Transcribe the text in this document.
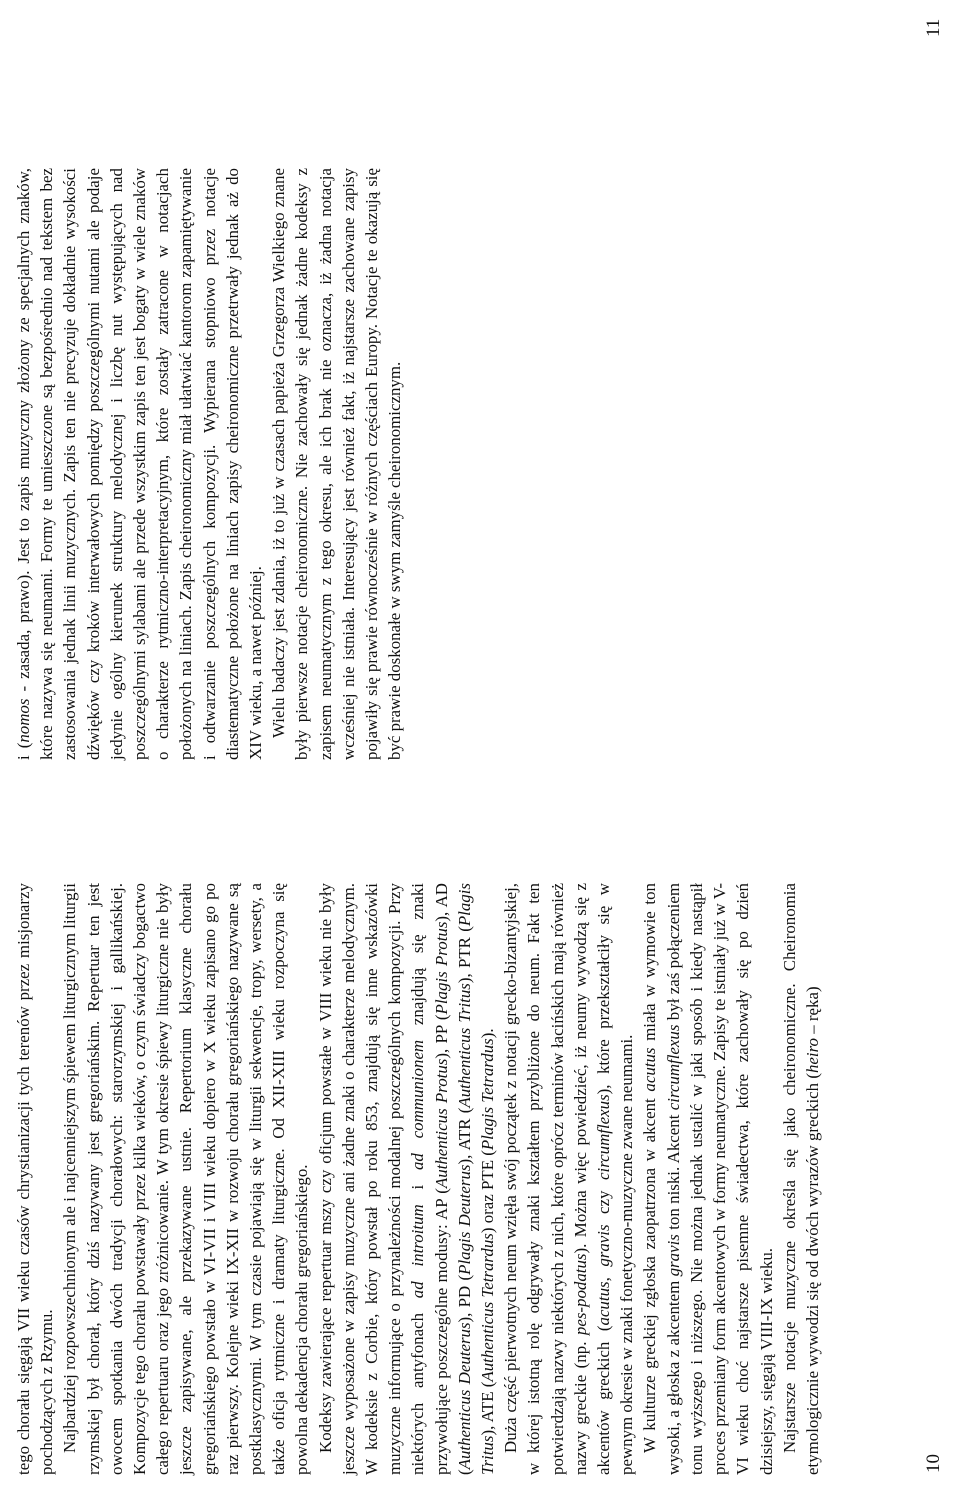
tego chorału sięgają VII wieku czasów chrystianizacji tych terenów przez misjonarzy pochodzących z Rzymu. Najbardziej rozpowszechnionym ale i najcenniejszym śpiewem liturgicznym liturgii rzymskiej był chorał, który dziś nazywany jest gregoriańskim. Repertuar ten jest owocem spotkania dwóch tradycji chorałowych: starorzymskiej i gallikańskiej. Kompozycje tego chorału powstawały przez kilka wieków, o czym świadczy bogactwo całego repertuaru oraz jego zróżnicowanie. W tym okresie śpiewy liturgiczne nie były jeszcze zapisywane, ale przekazywane ustnie. Repertorium klasyczne chorału gregoriańskiego powstało w VI-VII i VIII wieku dopiero w X wieku zapisano go po raz pierwszy. Kolejne wieki IX-XII w rozwoju chorału gregoriańskiego nazywane są postklasycznymi. W tym czasie pojawiają się w liturgii sekwencje, tropy, wersety, a także oficja rytmiczne i dramaty liturgiczne. Od XII-XIII wieku rozpoczyna się powolna dekadencja chorału gregoriańskiego. Kodeksy zawierające repertuar mszy czy oficjum powstałe w VIII wieku nie były jeszcze wyposażone w zapisy muzyczne ani żadne znaki o charakterze melodycznym. W kodeksie z Corbie, który powstał po roku 853, znajdują się inne wskazówki muzyczne informujące o przynależności modalnej poszczególnych kompozycji. Przy niektórych antyfonach ad introitum i ad communionem znajdują się znaki przywołujące poszczególne modusy: AP (Authenticus Protus), PP (Plagis Protus), AD (Authenticus Deuterus), PD (Plagis Deuterus), ATR (Authenticus Tritus), PTR (Plagis Tritus), ATE (Authenticus Tetrardus) oraz PTE (Plagis Tetrardus). Duża część pierwotnych neum wzięła swój początek z notacji grecko-bizantyjskiej, w której istotną rolę odgrywały znaki kształtem przybliżone do neum. Fakt ten potwierdzają nazwy niektórych z nich, które oprócz terminów łacińskich mają również nazwy greckie (np. pes-podatus). Można więc powiedzieć, iż neumy wywodzą się z akcentów greckich (acutus, gravis czy circumflexus), które przekształciły się w pewnym okresie w znaki fonetyczno-muzyczne zwane neumami. W kulturze greckiej zgłoska zaopatrzona w akcent acutus miała w wymowie ton wysoki, a głoska z akcentem gravis ton niski. Akcent circumflexus był zaś połączeniem tonu wyższego i niższego. Nie można jednak ustalić w jaki sposób i kiedy nastąpił proces przemiany form akcentowych w formy neumatyczne. Zapisy te istniały już w V-VI wieku choć najstarsze pisemne świadectwa, które zachowały się po dzień dzisiejszy, sięgają VIII-IX wieku. Najstarsze notacje muzyczne określa się jako cheironomiczne. Cheironomia etymologicznie wywodzi się od dwóch wyrazów greckich (heiro – ręka)

i (nomos - zasada, prawo). Jest to zapis muzyczny złożony ze specjalnych znaków, które nazywa się neumami. Formy te umieszczone są bezpośrednio nad tekstem bez zastosowania jednak linii muzycznych. Zapis ten nie precyzuje dokładnie wysokości dźwięków czy kroków interwałowych pomiędzy poszczególnymi nutami ale podaje jedynie ogólny kierunek struktury melodycznej i liczbę nut występujących nad poszczególnymi sylabami ale przede wszystkim zapis ten jest bogaty w wiele znaków o charakterze rytmiczno-interpretacyjnym, które zostały zatracone w notacjach położonych na liniach. Zapis cheironomiczny miał ułatwiać kantorom zapamiętywanie i odtwarzanie poszczególnych kompozycji. Wypierana stopniowo przez notacje diastematyczne położone na liniach zapisy cheironomiczne przetrwały jednak aż do XIV wieku, a nawet później. Wielu badaczy jest zdania, iż to już w czasach papieża Grzegorza Wielkiego znane były pierwsze notacje cheironomiczne. Nie zachowały się jednak żadne kodeksy z zapisem neumatycznym z tego okresu, ale ich brak nie oznacza, iż żadna notacja wcześniej nie istniała. Interesujący jest również fakt, iż najstarsze zachowane zapisy pojawiły się prawie równocześnie w różnych częściach Europy. Notacje te okazują się być prawie doskonałe w swym zamyśle cheironomicznym.

10
11
